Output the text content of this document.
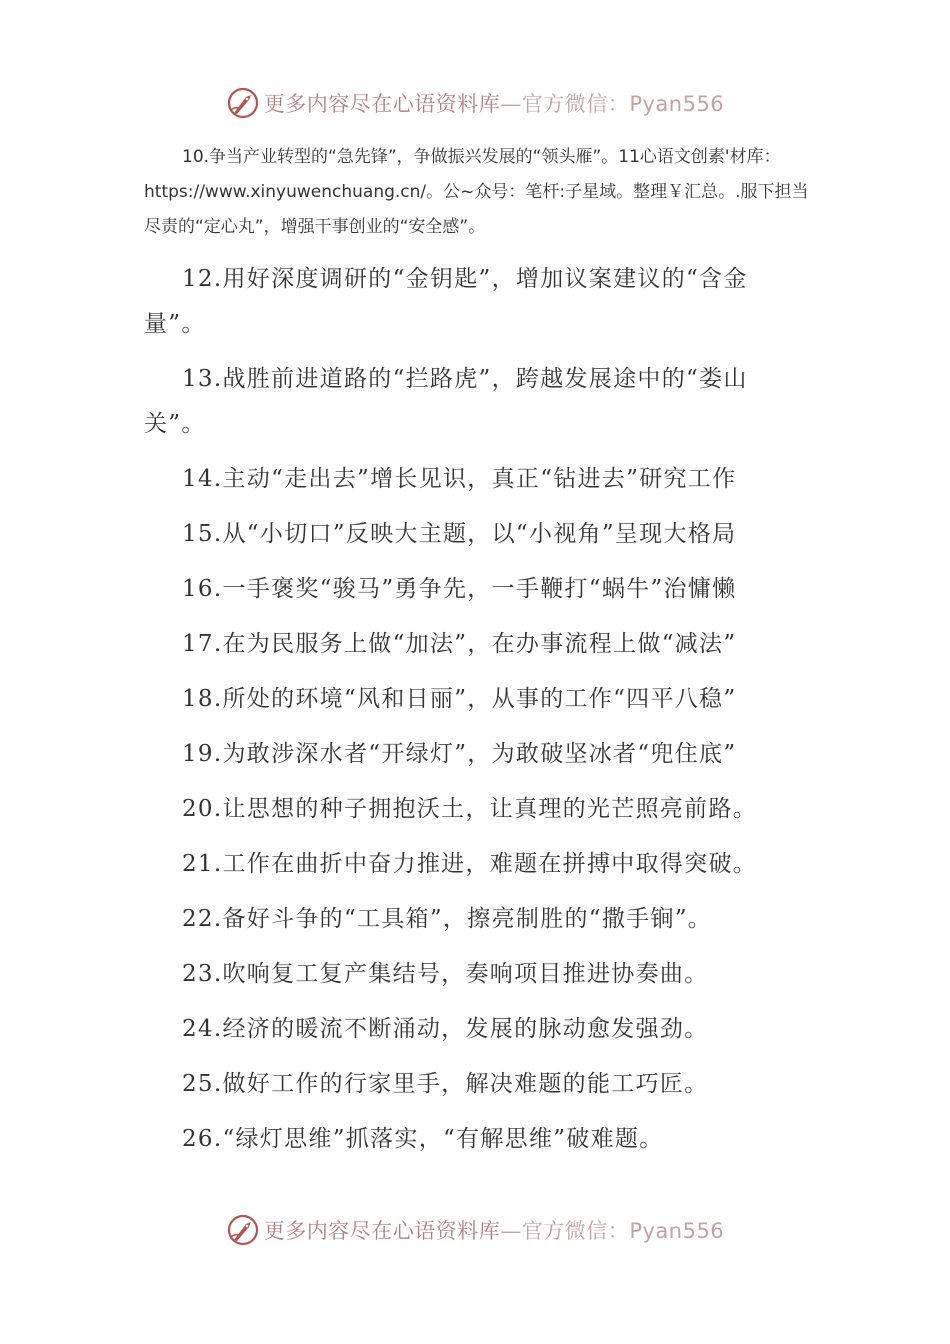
更多内容尽在心语资料库—官方微信：Pyan556

10.争当产业转型的“急先锋”，争做振兴发展的“领头雁”。11心语文创素'材库：https://www.xinyuwenchuang.cn/。公~众号：笔杆:子星域。整理￥汇总。.服下担当尽责的“定心丸”，增强干事创业的“安全感”。

12.用好深度调研的“金钥匙”，增加议案建议的“含金量”。
13.战胜前进道路的“拦路虎”，跨越发展途中的“娄山关”。
14.主动“走出去”增长见识，真正“钻进去”研究工作
15.从“小切口”反映大主题，以“小视角”呈现大格局
16.一手褒奖“骏马”勇争先，一手鞭打“蜗牛”治慵懒
17.在为民服务上做“加法”，在办事流程上做“减法”
18.所处的环境“风和日丽”，从事的工作“四平八稳”
19.为敢涉深水者“开绿灯”，为敢破坚冰者“兜住底”
20.让思想的种子拥抱沃土，让真理的光芒照亮前路。
21.工作在曲折中奋力推进，难题在拼搏中取得突破。
22.备好斗争的“工具箱”，擦亮制胜的“撒手锏”。
23.吹响复工复产集结号，奏响项目推进协奏曲。
24.经济的暖流不断涌动，发展的脉动愈发强劲。
25.做好工作的行家里手，解决难题的能工巧匠。
26.“绿灯思维”抓落实，“有解思维”破难题。
更多内容尽在心语资料库—官方微信：Pyan556
